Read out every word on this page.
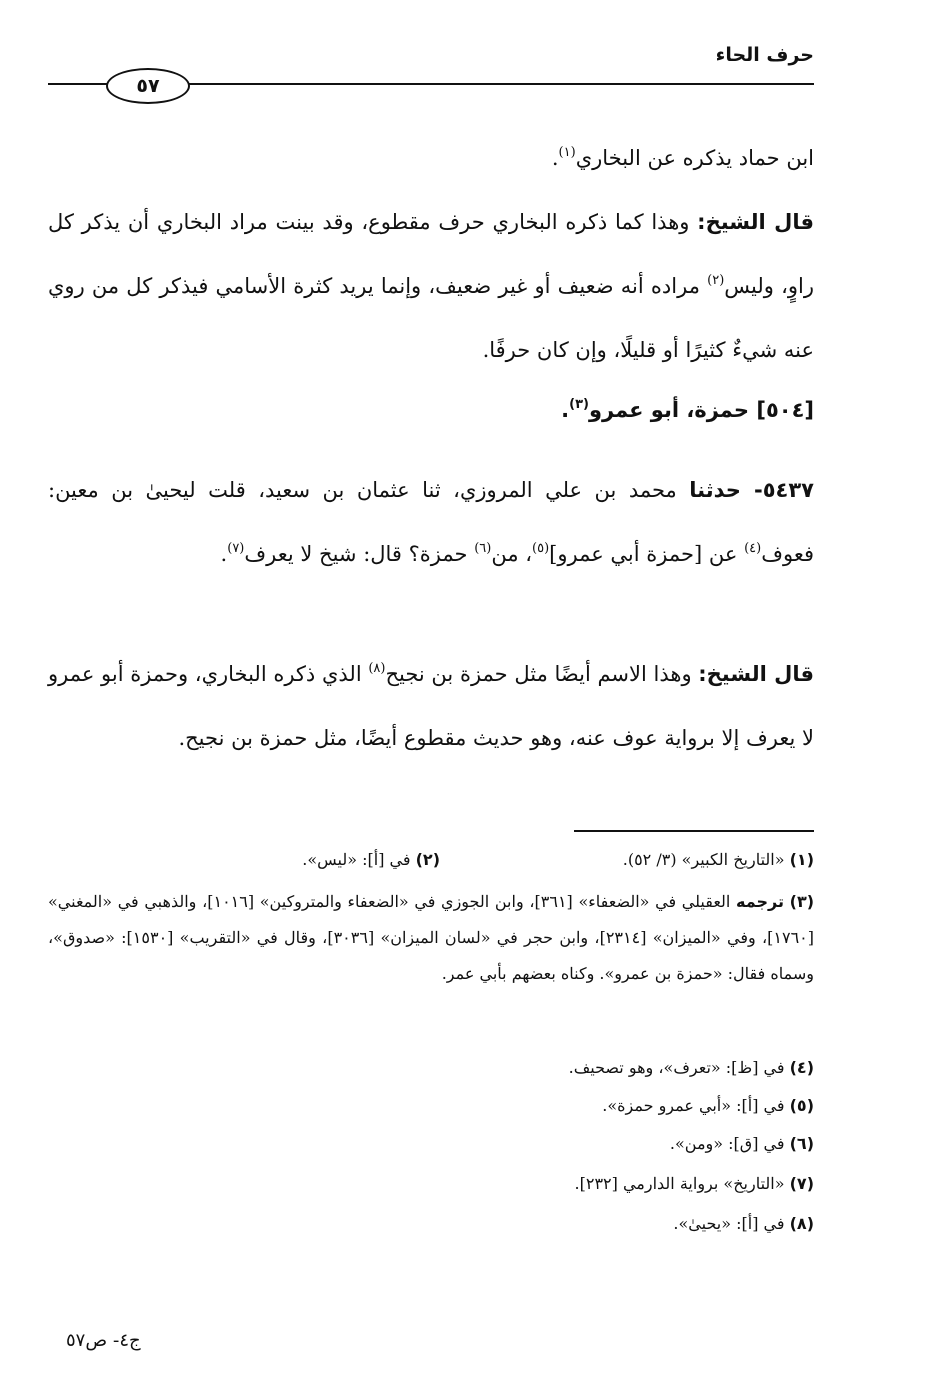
حرف الحاء
٥٧

ابن حماد يذكره عن البخاري$^{(١)}$.

قال الشيخ: وهذا كما ذكره البخاري حرف مقطوع، وقد بينت مراد البخاري أن يذكر كل راوٍ، وليس$^{(٢)}$ مراده أنه ضعيف أو غير ضعيف، وإنما يريد كثرة الأسامي فيذكر كل من روي عنه شيءٌ كثيرًا أو قليلًا، وإن كان حرفًا.

[٥٠٤] حمزة، أبو عمرو$^{(٣)}$.

٥٤٣٧- حدثنا محمد بن علي المروزي، ثنا عثمان بن سعيد، قلت ليحيىٰ بن معين: فعوف$^{(٤)}$ عن [حمزة أبي عمرو]$^{(٥)}$، من$^{(٦)}$ حمزة؟ قال: شيخ لا يعرف$^{(٧)}$.

قال الشيخ: وهذا الاسم أيضًا مثل حمزة بن نجيح$^{(٨)}$ الذي ذكره البخاري، وحمزة أبو عمرو لا يعرف إلا برواية عوف عنه، وهو حديث مقطوع أيضًا، مثل حمزة بن نجيح.

(١) «التاريخ الكبير» (٣/ ٥٢).

(٢) في [أ]: «ليس».

(٣) ترجمه العقيلي في «الضعفاء» [٣٦١]، وابن الجوزي في «الضعفاء والمتروكين» [١٠١٦]، والذهبي في «المغني» [١٧٦٠]، وفي «الميزان» [٢٣١٤]، وابن حجر في «لسان الميزان» [٣٠٣٦]، وقال في «التقريب» [١٥٣٠]: «صدوق»، وسماه فقال: «حمزة بن عمرو». وكناه بعضهم بأبي عمر.

(٤) في [ظ]: «تعرف»، وهو تصحيف.

(٥) في [أ]: «أبي عمرو حمزة».

(٦) في [ق]: «ومن».

(٧) «التاريخ» برواية الدارمي [٢٣٢].

(٨) في [أ]: «يحيىٰ».

ج٤- ص٥٧
